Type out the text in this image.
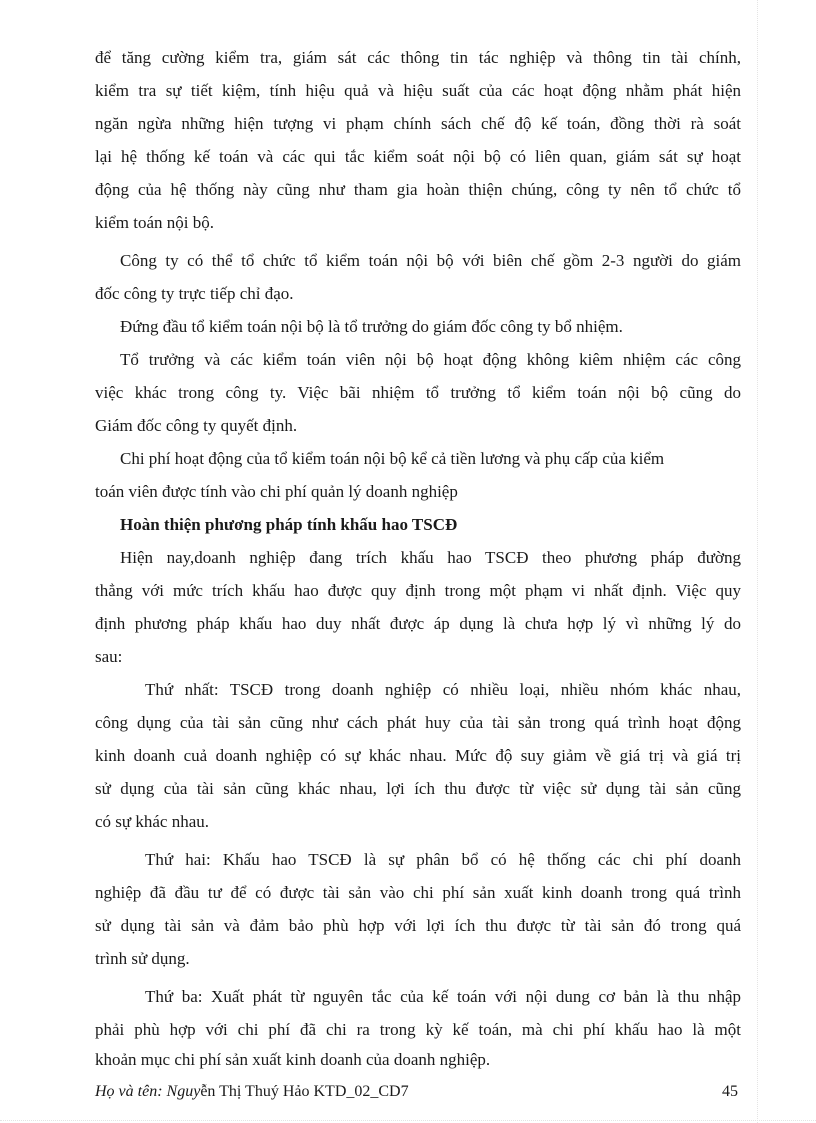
để tăng cường kiểm tra, giám sát các thông tin tác nghiệp và thông tin tài chính,

kiểm tra sự tiết kiệm, tính hiệu quả và hiệu suất của các hoạt động nhằm phát hiện

ngăn ngừa những hiện tượng vi phạm chính sách chế độ kế toán, đồng thời rà soát

lại hệ thống kế toán và các qui tắc kiểm soát nội bộ có liên quan, giám sát sự hoạt

động của hệ thống này cũng như tham gia hoàn thiện chúng, công ty nên tổ chức tổ

kiểm toán nội bộ.

Công ty có thể tổ chức tổ kiểm toán nội bộ với biên chế gồm 2-3 người do giám

đốc công ty trực tiếp chỉ đạo.

Đứng đầu tổ kiểm toán nội bộ là tổ trưởng do giám đốc công ty bổ nhiệm.

Tổ trưởng và các kiểm toán viên nội bộ hoạt động không kiêm nhiệm các công

việc khác trong công ty. Việc bãi nhiệm tổ trưởng tổ kiểm toán nội bộ cũng do

Giám đốc công ty quyết định.

Chi phí hoạt động của tổ kiểm toán nội bộ kể cả tiền lương và phụ cấp của kiểm

toán viên được tính vào chi phí quản lý doanh nghiệp

Hoàn thiện phương pháp tính khấu hao TSCĐ

Hiện nay,doanh nghiệp đang trích khấu hao TSCĐ theo phương pháp đường

thẳng với mức trích khấu hao được quy định trong một phạm vi nhất định. Việc quy

định phương pháp khấu hao duy nhất được áp dụng là chưa hợp lý vì những lý do

sau:

Thứ nhất: TSCĐ trong doanh nghiệp có nhiều loại, nhiều nhóm khác nhau,

công dụng của tài sản cũng như cách phát huy của tài sản trong quá trình hoạt động

kinh doanh cuả doanh nghiệp có sự khác nhau. Mức độ suy giảm về giá trị và giá trị

sử dụng của tài sản cũng khác nhau, lợi ích thu được từ việc sử dụng tài sản cũng

có sự khác nhau.

Thứ hai: Khấu hao TSCĐ là sự phân bổ có hệ thống các chi phí doanh

nghiệp đã đầu tư để có được tài sản vào chi phí sản xuất kinh doanh trong quá trình

sử dụng tài sản và đảm bảo phù hợp với lợi ích thu được từ tài sản đó trong quá

trình sử dụng.

Thứ ba: Xuất phát từ nguyên tắc của kế toán với nội dung cơ bản là thu nhập

phải phù hợp với chi phí đã chi ra trong kỳ kế toán, mà chi phí khấu hao là một

khoản mục chi phí sản xuất kinh doanh của doanh nghiệp.

Họ và tên: Nguyễn Thị Thuý Hảo KTD_02_CD7	45
